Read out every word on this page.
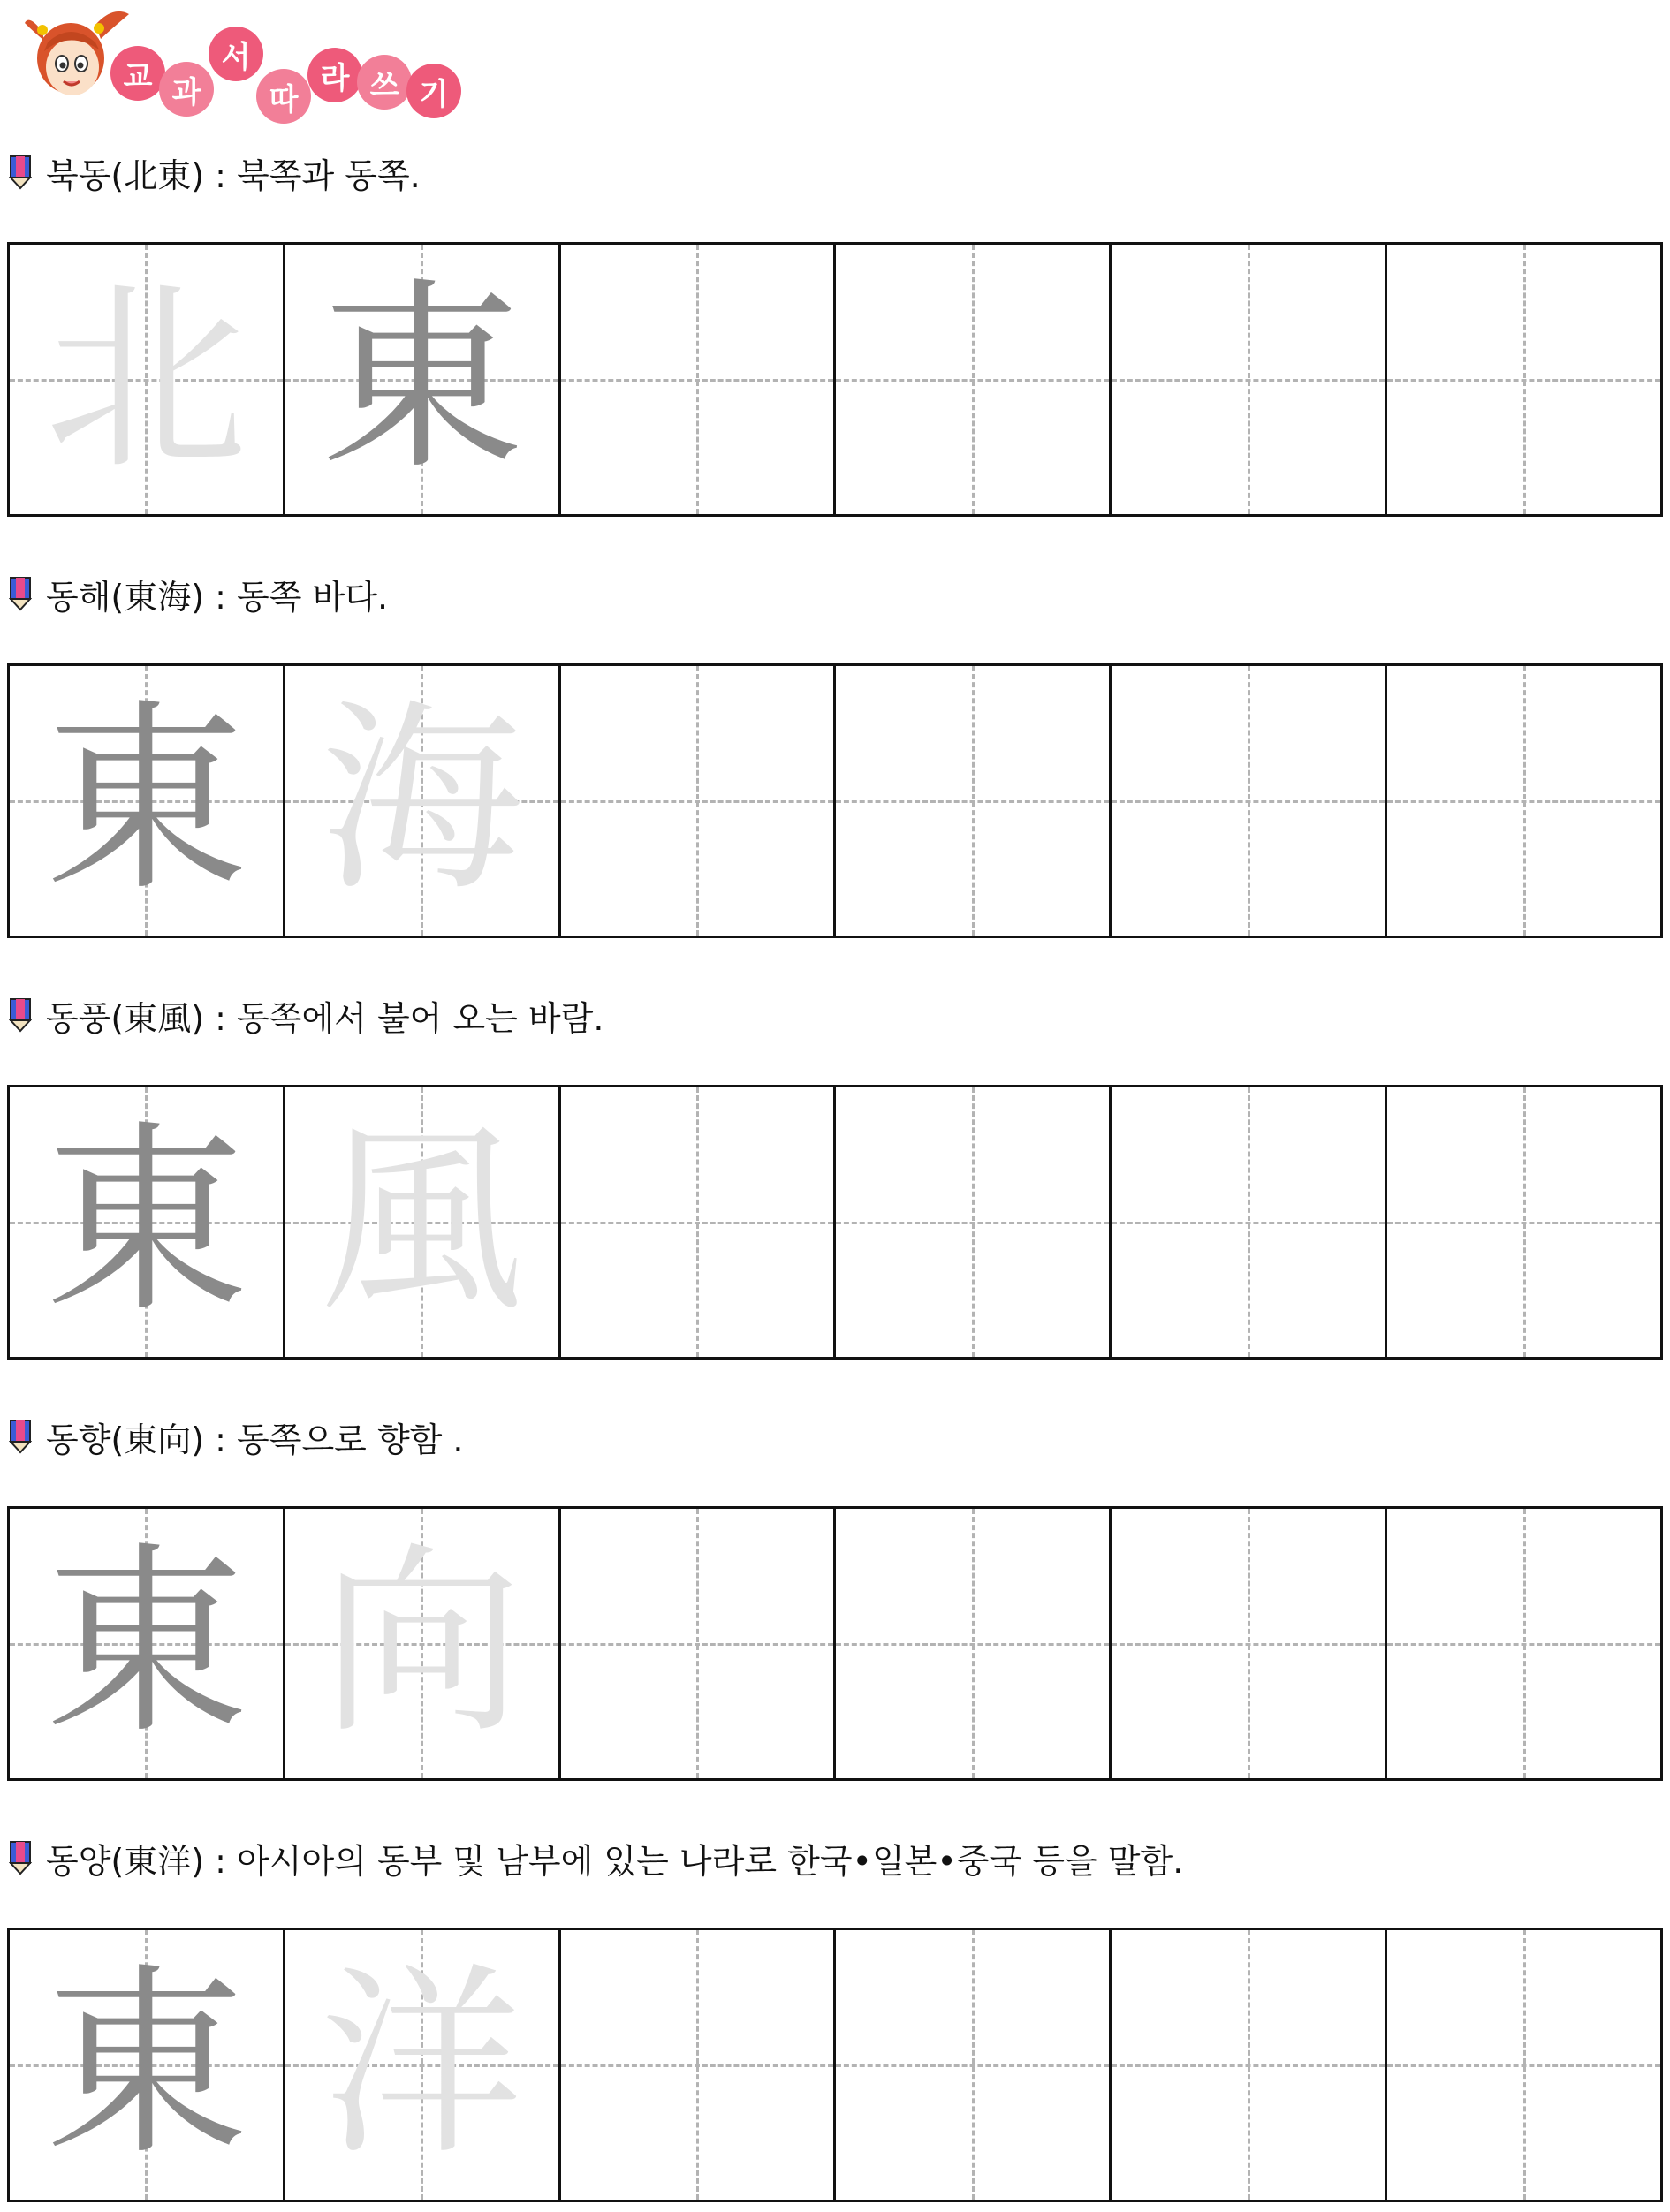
교 과
서
따
라 쓰 기
북동(北東) : 북쪽과 동쪽.
北 東
동해(東海) : 동쪽 바다.
東 海
동풍(東風) : 동쪽에서 불어 오는 바람.
東 風
동향(東向) : 동쪽으로 향함 .
東 向
동양(東洋) : 아시아의 동부 및 남부에 있는 나라로 한국•일본•중국 등을 말함.
東 洋
